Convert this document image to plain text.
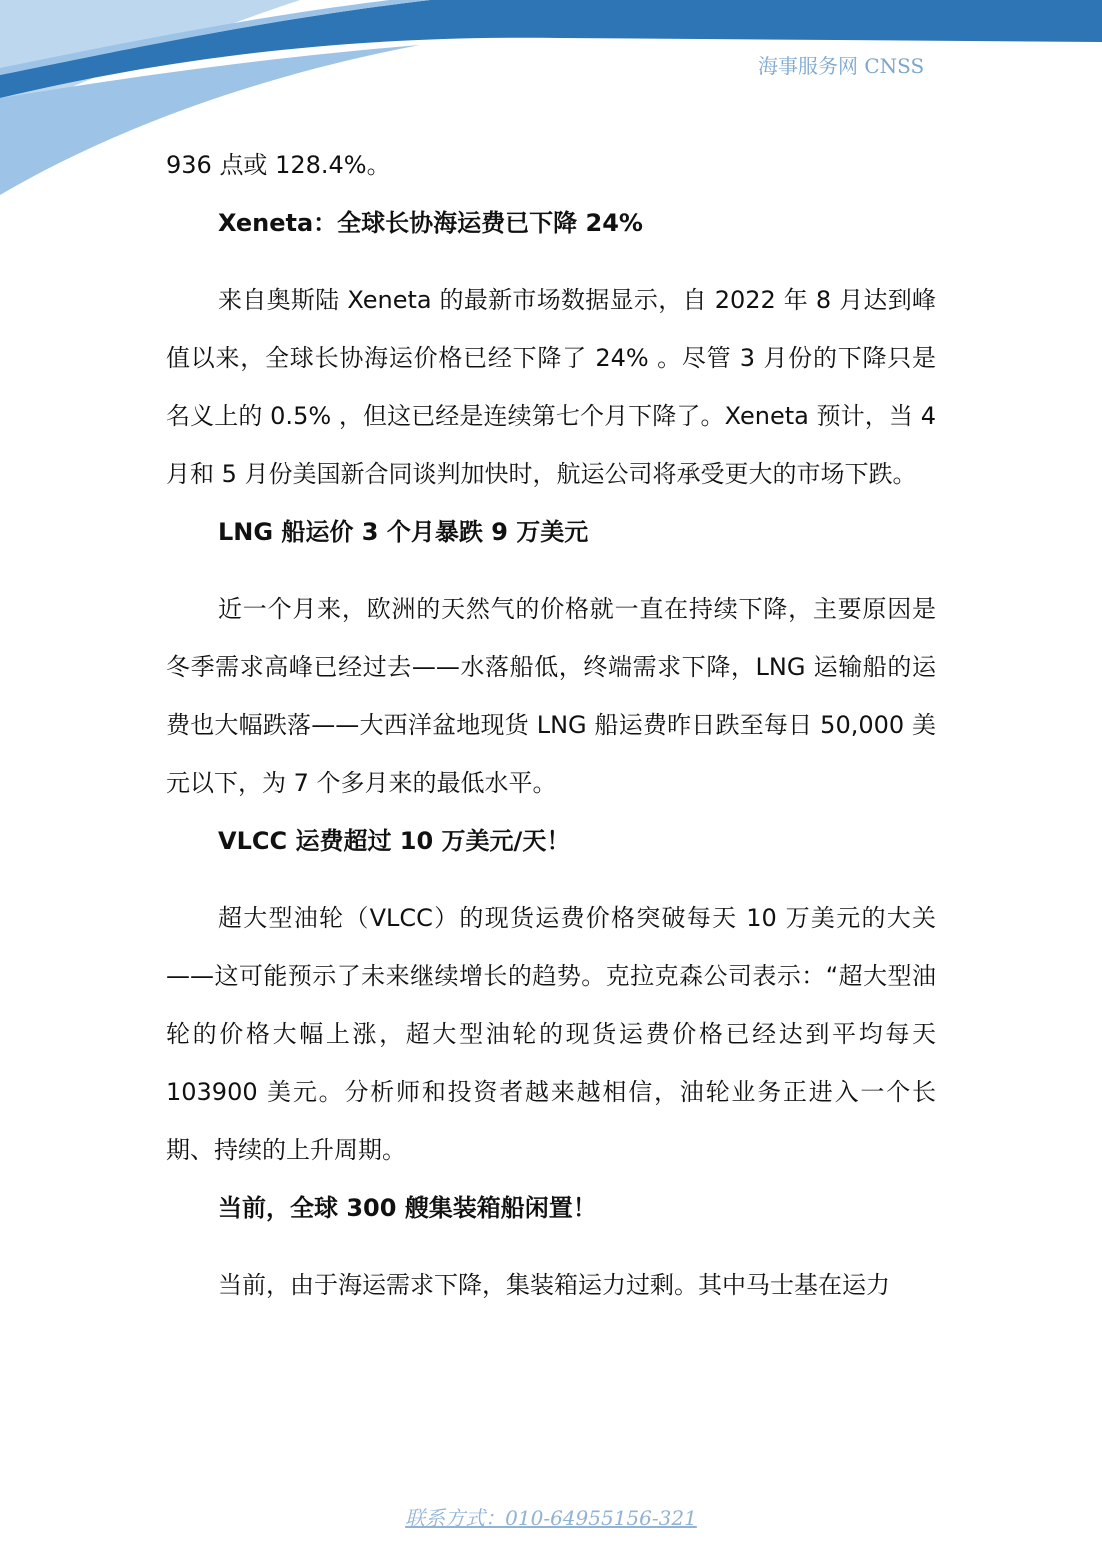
海事服务网 CNSS

936 点或 128.4%。

Xeneta：全球长协海运费已下降 24%

来自奥斯陆 Xeneta 的最新市场数据显示，自 2022 年 8 月达到峰值以来，全球长协海运价格已经下降了 24% 。尽管 3 月份的下降只是名义上的 0.5% ，但这已经是连续第七个月下降了。Xeneta 预计，当 4 月和 5 月份美国新合同谈判加快时，航运公司将承受更大的市场下跌。

LNG 船运价 3 个月暴跌 9 万美元

近一个月来，欧洲的天然气的价格就一直在持续下降，主要原因是冬季需求高峰已经过去——水落船低，终端需求下降，LNG 运输船的运费也大幅跌落——大西洋盆地现货 LNG 船运费昨日跌至每日 50,000 美元以下，为 7 个多月来的最低水平。

VLCC 运费超过 10 万美元/天！

超大型油轮（VLCC）的现货运费价格突破每天 10 万美元的大关——这可能预示了未来继续增长的趋势。克拉克森公司表示：“超大型油轮的价格大幅上涨，超大型油轮的现货运费价格已经达到平均每天 103900 美元。分析师和投资者越来越相信，油轮业务正进入一个长期、持续的上升周期。

当前，全球 300 艘集装箱船闲置！

当前，由于海运需求下降，集装箱运力过剩。其中马士基在运力

联系方式：010-64955156-321
